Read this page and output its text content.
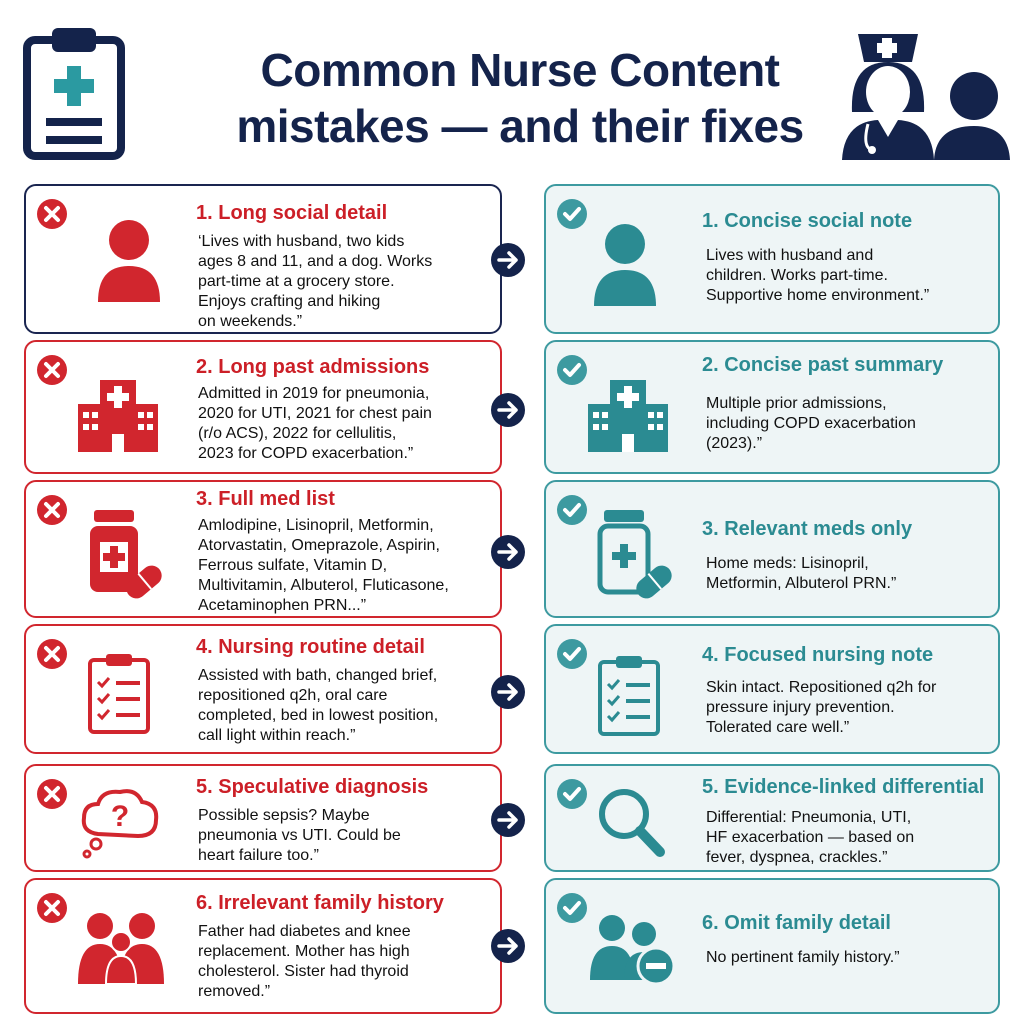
Common Nurse Content
mistakes — and their fixes
1. Long social detail
‘Lives with husband, two kids
ages 8 and 11, and a dog. Works
part-time at a grocery store.
Enjoys crafting and hiking
on weekends.”
2. Long past admissions
Admitted in 2019 for pneumonia,
2020 for UTI, 2021 for chest pain
(r/o ACS), 2022 for cellulitis,
2023 for COPD exacerbation.”
3. Full med list
Amlodipine, Lisinopril, Metformin,
Atorvastatin, Omeprazole, Aspirin,
Ferrous sulfate, Vitamin D,
Multivitamin, Albuterol, Fluticasone,
Acetaminophen PRN...”
4. Nursing routine detail
Assisted with bath, changed brief,
repositioned q2h, oral care
completed, bed in lowest position,
call light within reach.”
?
5. Speculative diagnosis
Possible sepsis? Maybe
pneumonia vs UTI. Could be
heart failure too.”
6. Irrelevant family history
Father had diabetes and knee
replacement. Mother has high
cholesterol. Sister had thyroid
removed.”
1. Concise social note
Lives with husband and
children. Works part-time.
Supportive home environment.”
2. Concise past summary
Multiple prior admissions,
including COPD exacerbation
(2023).”
3. Relevant meds only
Home meds: Lisinopril,
Metformin, Albuterol PRN.”
4. Focused nursing note
Skin intact. Repositioned q2h for
pressure injury prevention.
Tolerated care well.”
5. Evidence-linked differential
Differential: Pneumonia, UTI,
HF exacerbation — based on
fever, dyspnea, crackles.”
6. Omit family detail
No pertinent family history.”
